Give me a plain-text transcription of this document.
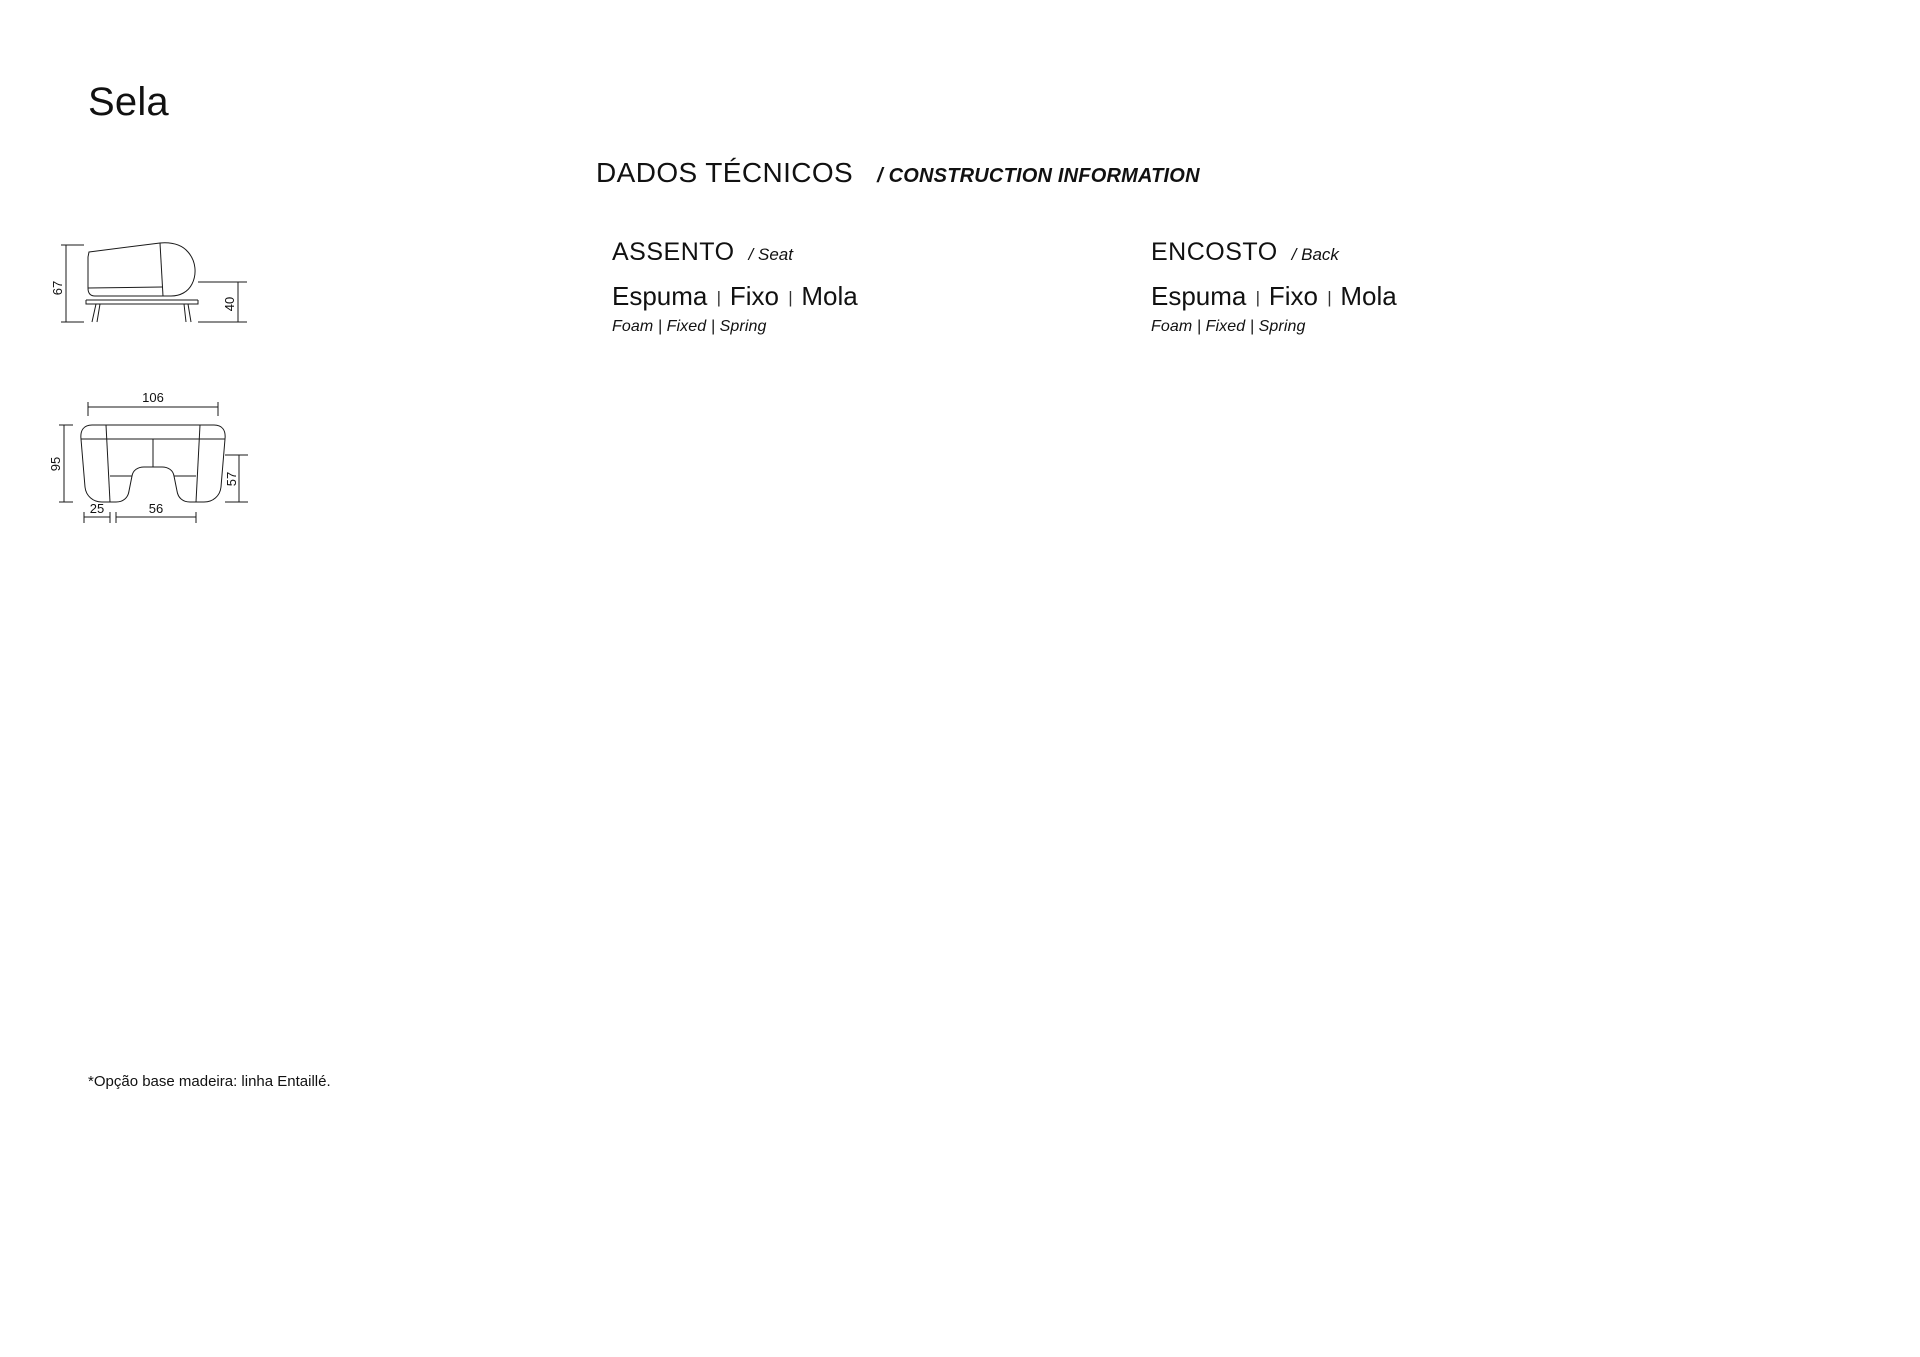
Sela
DADOS TÉCNICOS / CONSTRUCTION INFORMATION
ASSENTO / Seat
Espuma | Fixo | Mola
Foam | Fixed | Spring
ENCOSTO / Back
Espuma | Fixo | Mola
Foam | Fixed | Spring
67
40
106
95
57
25	56
*Opção base madeira: linha Entaillé.
